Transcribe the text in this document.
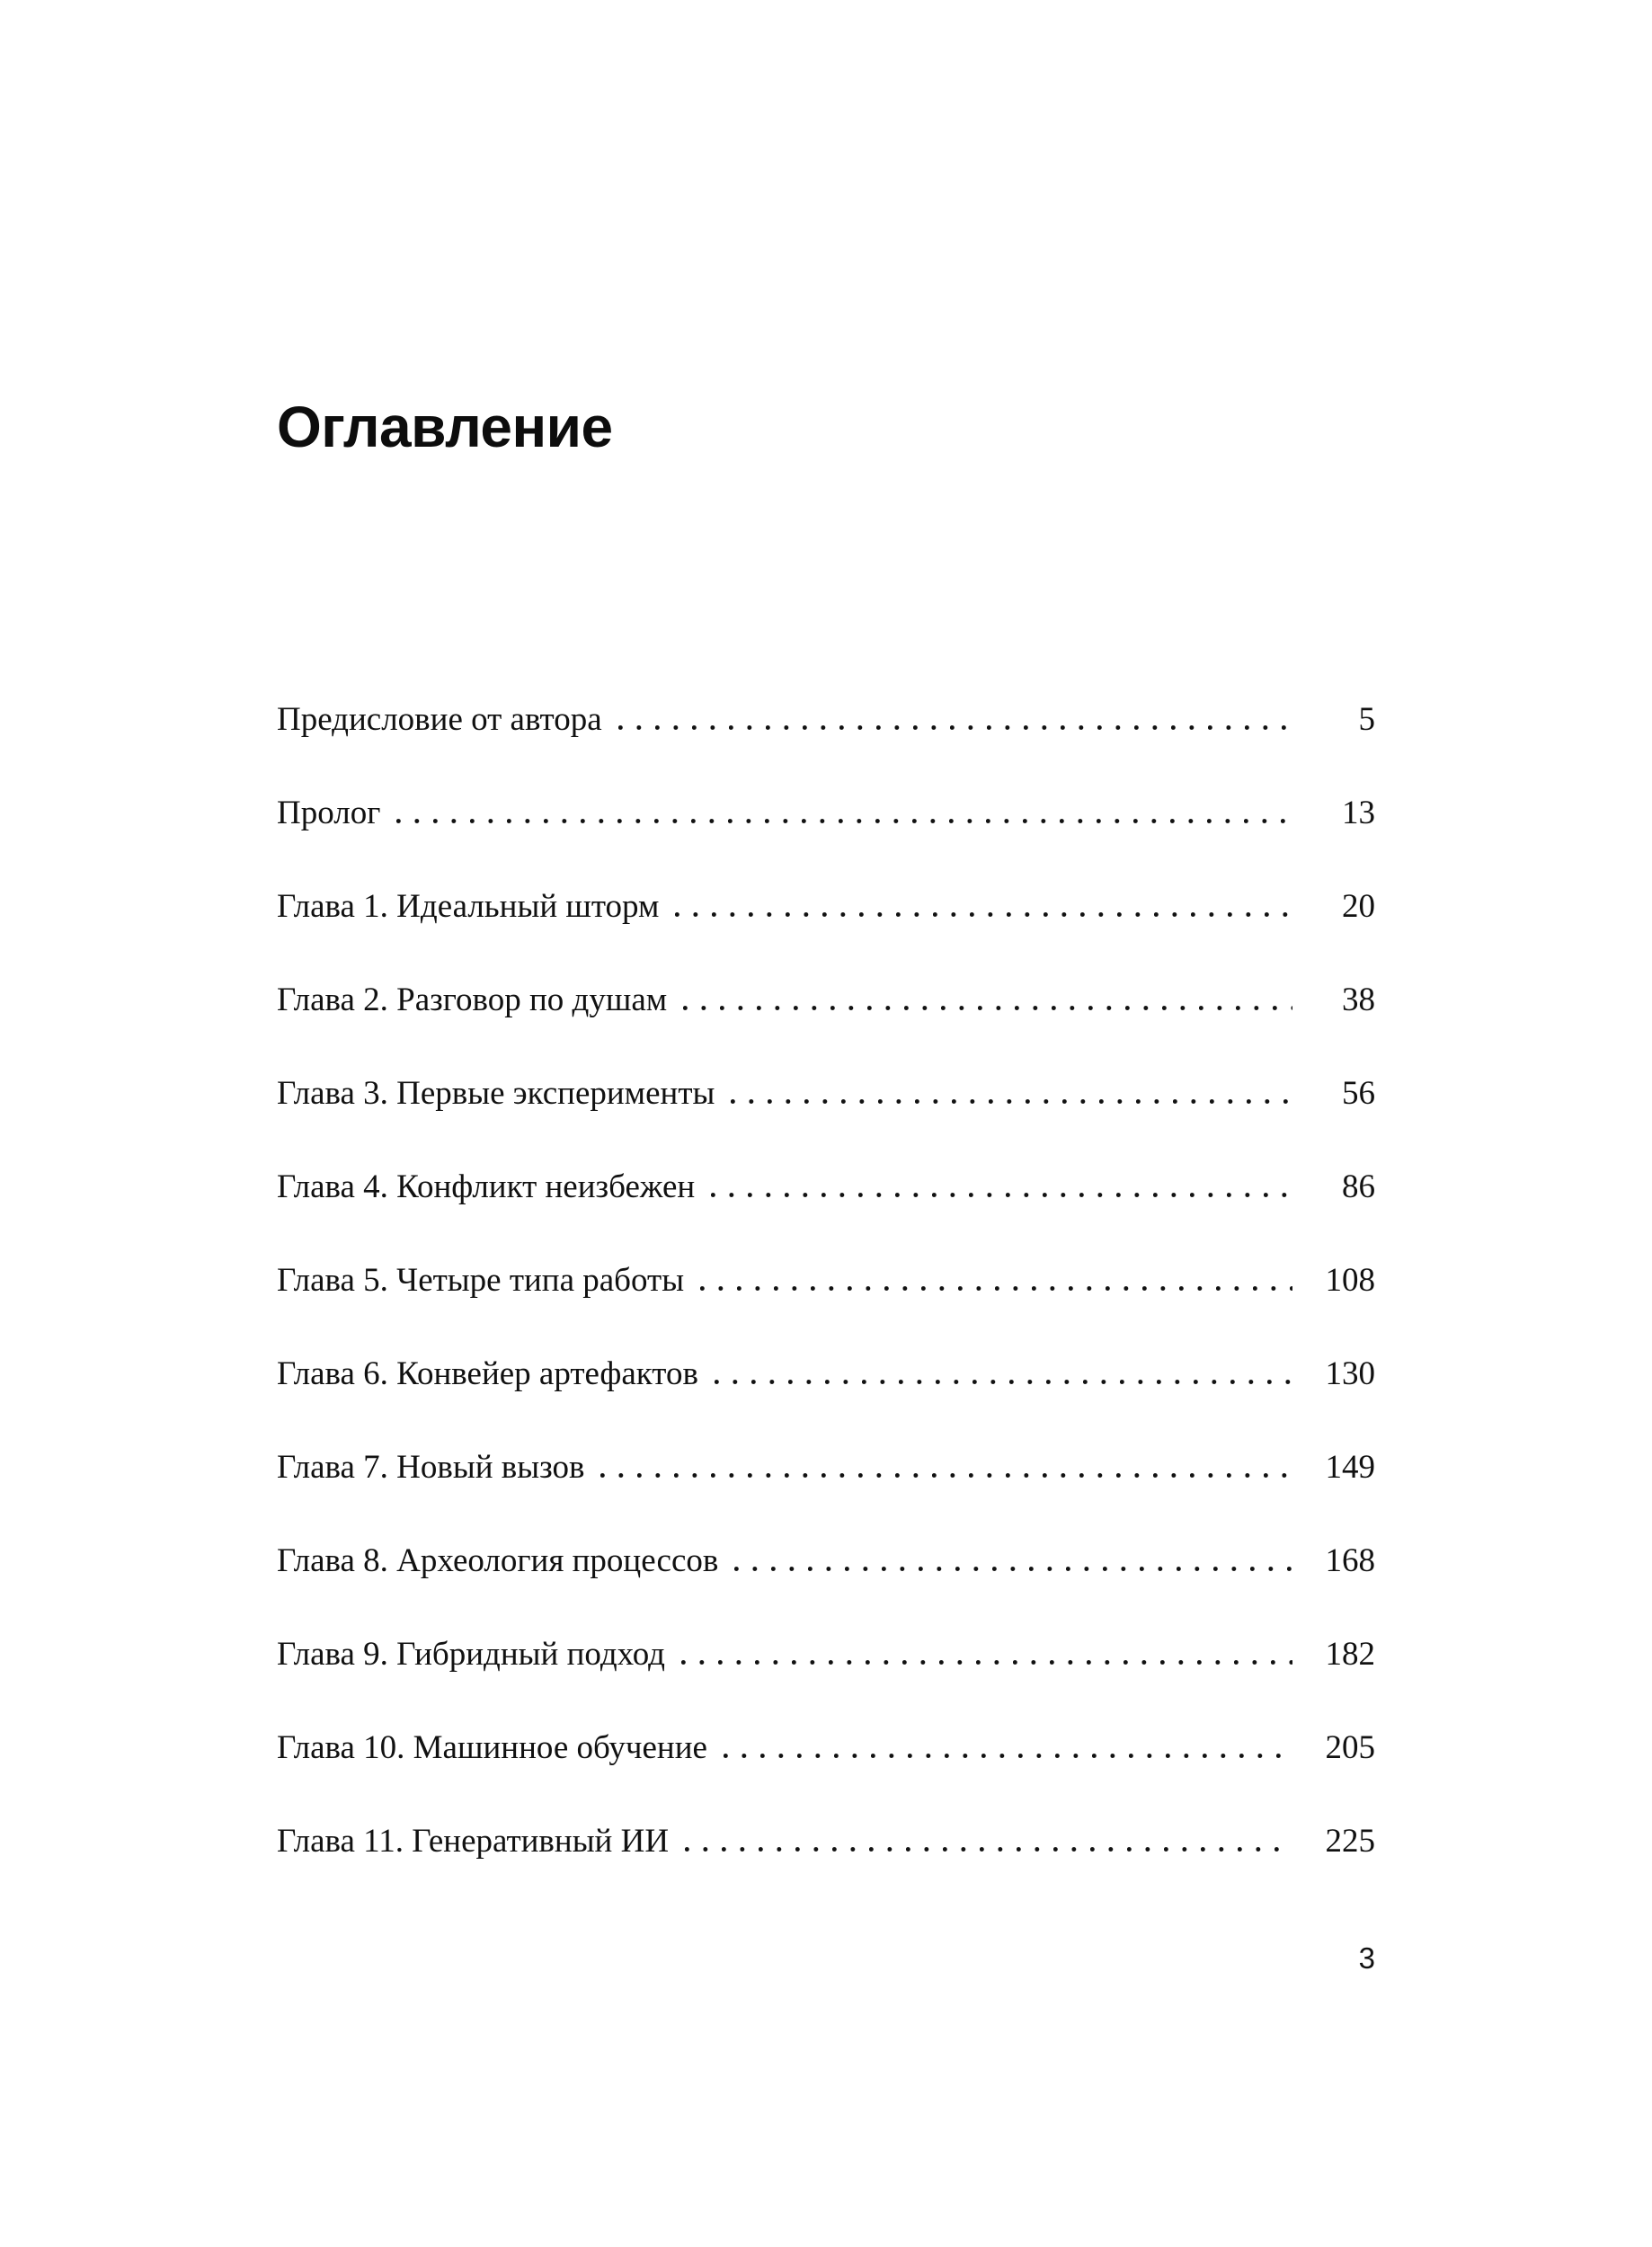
Оглавление
Предисловие от автора	5
Пролог	13
Глава 1. Идеальный шторм	20
Глава 2. Разговор по душам	38
Глава 3. Первые эксперименты	56
Глава 4. Конфликт неизбежен	86
Глава 5. Четыре типа работы	108
Глава 6. Конвейер артефактов	130
Глава 7. Новый вызов	149
Глава 8. Археология процессов	168
Глава 9. Гибридный подход	182
Глава 10. Машинное обучение	205
Глава 11. Генеративный ИИ	225
3
